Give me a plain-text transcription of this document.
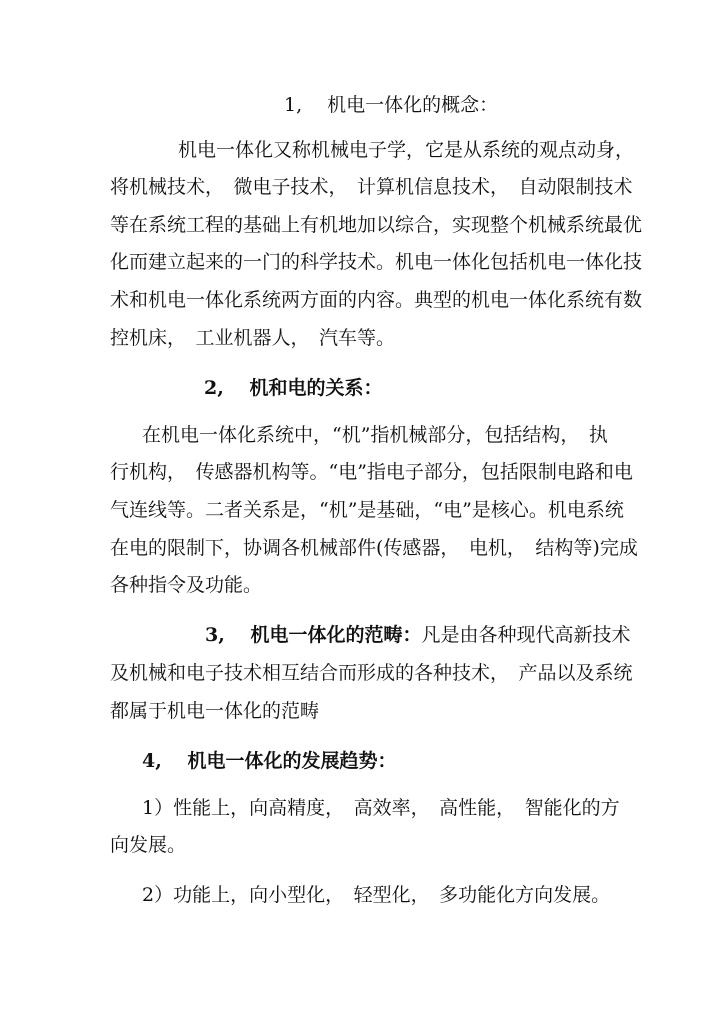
1,　 机电一体化的概念：
机电一体化又称机械电子学，它是从系统的观点动身，
将机械技术，　微电子技术，　计算机信息技术，　自动限制技术
等在系统工程的基础上有机地加以综合，实现整个机械系统最优
化而建立起来的一门的科学技术。机电一体化包括机电一体化技
术和机电一体化系统两方面的内容。典型的机电一体化系统有数
控机床，　工业机器人，　汽车等。
2,　 机和电的关系：
在机电一体化系统中，“机”指机械部分，包括结构，　执
行机构，　传感器机构等。“电”指电子部分，包括限制电路和电
气连线等。二者关系是，“机”是基础，“电”是核心。机电系统
在电的限制下，协调各机械部件(传感器，　电机，　结构等)完成
各种指令及功能。
3,　 机电一体化的范畴：凡是由各种现代高新技术
及机械和电子技术相互结合而形成的各种技术，　产品以及系统
都属于机电一体化的范畴
4,　 机电一体化的发展趋势：
1）性能上，向高精度，　高效率，　高性能，　智能化的方
向发展。
2）功能上，向小型化，　轻型化，　多功能化方向发展。
